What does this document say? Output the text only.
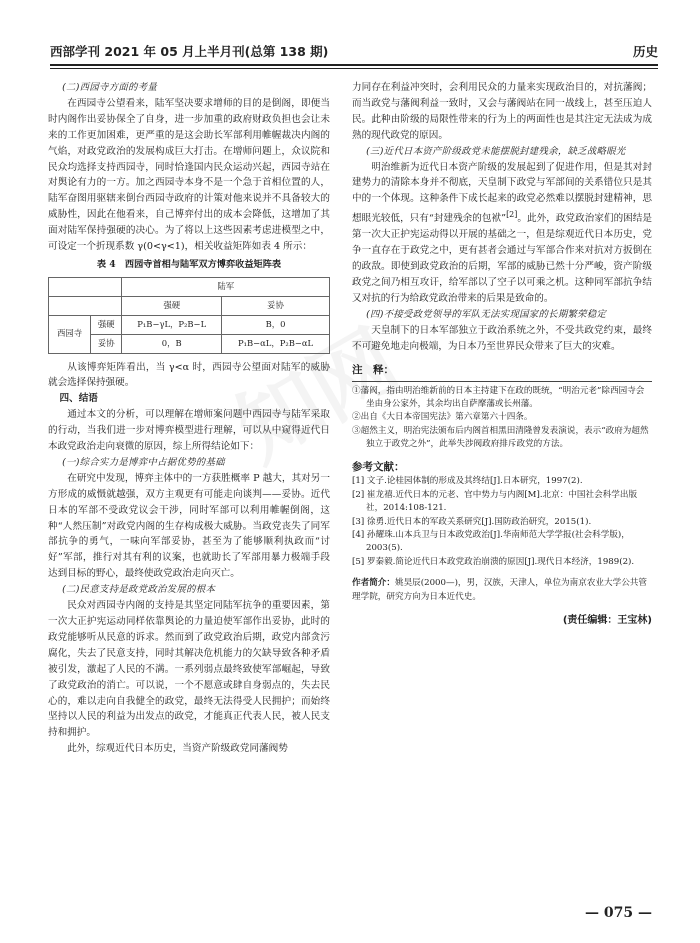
西部学刊 2021 年 05 月上半月刊(总第 138 期)	历史
(二)西园寺方面的考量
在西园寺公望看来，陆军坚决要求增师的目的是倒阁，即便当时内阁作出妥协保全了自身，进一步加重的政府财政负担也会让未来的工作更加困难，更严重的是这会助长军部利用帷幄裁决内阁的气焰，对政党政治的发展构成巨大打击。在增师问题上，众议院和民众均选择支持西园寺，同时恰逢国内民众运动兴起，西园寺站在对舆论有力的一方。加之西园寺本身不是一个急于首相位置的人，陆军奋图用驱辖来倒台西园寺政府的计策对他来说并不具备较大的威胁性，因此在他看来，自己博弈付出的成本会降低，这增加了其面对陆军保持强硬的决心。为了将以上这些因素考虑进模型之中，可设定一个折现系数 γ(0<γ<1)，相关收益矩阵如表 4 所示：
表 4　西园寺首相与陆军双方博弈收益矩阵表
		陆军	
		强硬	妥协
西园寺	强硬	P₁B−γL，P₂B−L	B，0
	妥协	0，B	P₁B−αL，P₂B−αL
从该博弈矩阵看出，当 γ<α 时，西园寺公望面对陆军的威胁就会选择保持强硬。
四、结语
通过本文的分析，可以理解在增师案问题中西园寺与陆军采取的行动，当我们进一步对博弈模型进行理解，可以从中窥得近代日本政党政治走向衰微的原因，综上所得结论如下：
(一)综合实力是博弈中占据优势的基础
在研究中发现，博弈主体中的一方获胜概率 P 越大，其对另一方形成的威慑就越强，双方主观更有可能走向谈判——妥协。近代日本的军部不受政党议会干涉，同时军部可以利用帷幄倒阁，这种“人然压制”对政党内阁的生存构成极大威胁。当政党丧失了同军部抗争的勇气，一味向军部妥协，甚至为了能够顺利执政而“讨好”军部，推行对其有利的议案，也就助长了军部用暴力极端手段达到目标的野心，最终使政党政治走向灭亡。
(二)民意支持是政党政治发展的根本
民众对西园寺内阁的支持是其坚定同陆军抗争的重要因素，第一次大正护宪运动同样依靠舆论的力量迫使军部作出妥协，此时的政党能够听从民意的诉求。然而到了政党政治后期，政党内部贪污腐化，失去了民意支持，同时其解决危机能力的欠缺导致各种矛盾被引发，激起了人民的不满。一系列弱点最终致使军部崛起，导致了政党政治的消亡。可以说，一个不愿意或肆自身弱点的，失去民心的，难以走向自我健全的政党，最终无法得受人民拥护；而始终坚持以人民的利益为出发点的政党，才能真正代表人民，被人民支持和拥护。
此外，综观近代日本历史，当资产阶级政党同藩阀势
力同存在利益冲突时，会利用民众的力量来实现政治目的，对抗藩阀；而当政党与藩阀利益一致时，又会与藩阀站在同一战线上，甚至压迫人民。此种由阶级的局限性带来的行为上的两面性也是其注定无法成为成熟的现代政党的原因。
(三)近代日本资产阶级政党未能摆脱封建残余，缺乏战略眼光
明治维新为近代日本资产阶级的发展起到了促进作用，但是其对封建势力的清除本身并不彻底，天皇制下政党与军部间的关系错位只是其中的一个体现。这种条件下成长起来的政党必然难以摆脱封建精神，思想眼光较低，只有“封建残余的包袱”[2]。此外，政党政治家们的困结是第一次大正护宪运动得以开展的基础之一，但是综观近代日本历史，党争一直存在于政党之中，更有甚者会通过与军部合作来对抗对方扳倒在的政敌。即使到政党政治的后期，军部的威胁已然十分严峻，资产阶级政党之间乃相互攻讦，给军部以了空子以可乘之机。这种同军部抗争结又对抗的行为给政党政治带来的后果是致命的。
(四)不接受政党领导的军队无法实现国家的长期繁荣稳定
天皇制下的日本军部独立于政治系统之外，不受共政党约束，最终不可避免地走向极端，为日本乃至世界民众带来了巨大的灾难。
注　释：
①藩阀，指由明治维新前的日本主持建下在政的既统，“明治元老”除西园寺会坐由身公家外，其余均出自萨摩藩或长州藩。
②出自《大日本帝国宪法》第六章第六十四条。
③超然主义，明治宪法颁布后内阁首相黑田清隆曾发表演说，表示“政府为超然独立于政党之外”，此举失涉阀政府排斥政党的方法。
参考文献：
[1] 文子.论桂园体制的形成及其终结[J].日本研究，1997(2).
[2] 崔龙禧.近代日本的元老、官中势力与内阁[M].北京：中国社会科学出版社，2014:108-121.
[3] 徐勇.近代日本的军政关系研究[J].国防政治研究，2015(1).
[4] 孙耀珠.山本兵卫与日本政党政治[J].华南师范大学学报(社会科学版)，2003(5).
[5] 罗秦毅.简论近代日本政党政治崩溃的原因[J].现代日本经济，1989(2).
作者简介：姚昊辰(2000—)，男，汉族，天津人，单位为南京农业大学公共管理学院，研究方向为日本近代史。
(责任编辑：王宝林)
— 075 —
